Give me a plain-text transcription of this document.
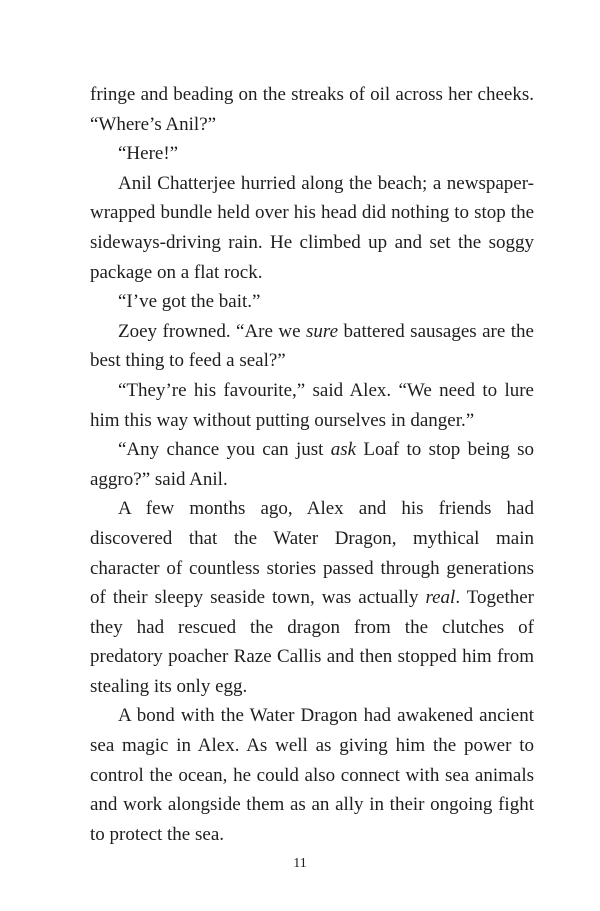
fringe and beading on the streaks of oil across her cheeks. “Where’s Anil?”

“Here!”

Anil Chatterjee hurried along the beach; a newspaper-wrapped bundle held over his head did nothing to stop the sideways-driving rain. He climbed up and set the soggy package on a flat rock.

“I’ve got the bait.”

Zoey frowned. “Are we sure battered sausages are the best thing to feed a seal?”

“They’re his favourite,” said Alex. “We need to lure him this way without putting ourselves in danger.”

“Any chance you can just ask Loaf to stop being so aggro?” said Anil.

A few months ago, Alex and his friends had discovered that the Water Dragon, mythical main character of countless stories passed through generations of their sleepy seaside town, was actually real. Together they had rescued the dragon from the clutches of predatory poacher Raze Callis and then stopped him from stealing its only egg.

A bond with the Water Dragon had awakened ancient sea magic in Alex. As well as giving him the power to control the ocean, he could also connect with sea animals and work alongside them as an ally in their ongoing fight to protect the sea.

11
